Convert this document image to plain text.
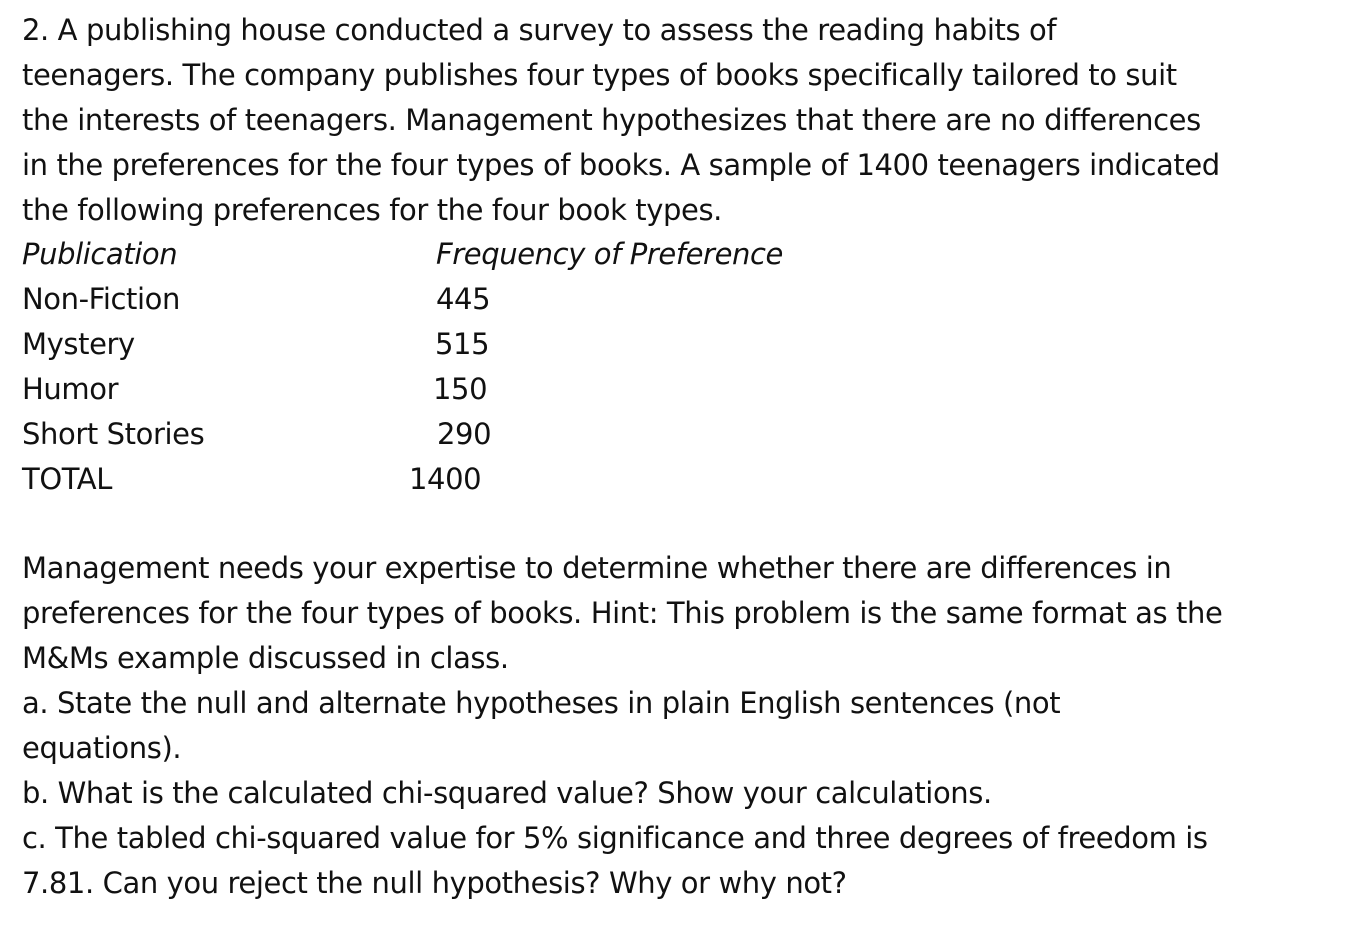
2. A publishing house conducted a survey to assess the reading habits of
teenagers. The company publishes four types of books specifically tailored to suit
the interests of teenagers. Management hypothesizes that there are no differences
in the preferences for the four types of books. A sample of 1400 teenagers indicated
the following preferences for the four book types.
Publication	Frequency of Preference
Non-Fiction	445
Mystery	515
Humor	150
Short Stories	290
TOTAL	1400
Management needs your expertise to determine whether there are differences in
preferences for the four types of books. Hint: This problem is the same format as the
M&Ms example discussed in class.
a. State the null and alternate hypotheses in plain English sentences (not
equations).
b. What is the calculated chi-squared value? Show your calculations.
c. The tabled chi-squared value for 5% significance and three degrees of freedom is
7.81. Can you reject the null hypothesis? Why or why not?
